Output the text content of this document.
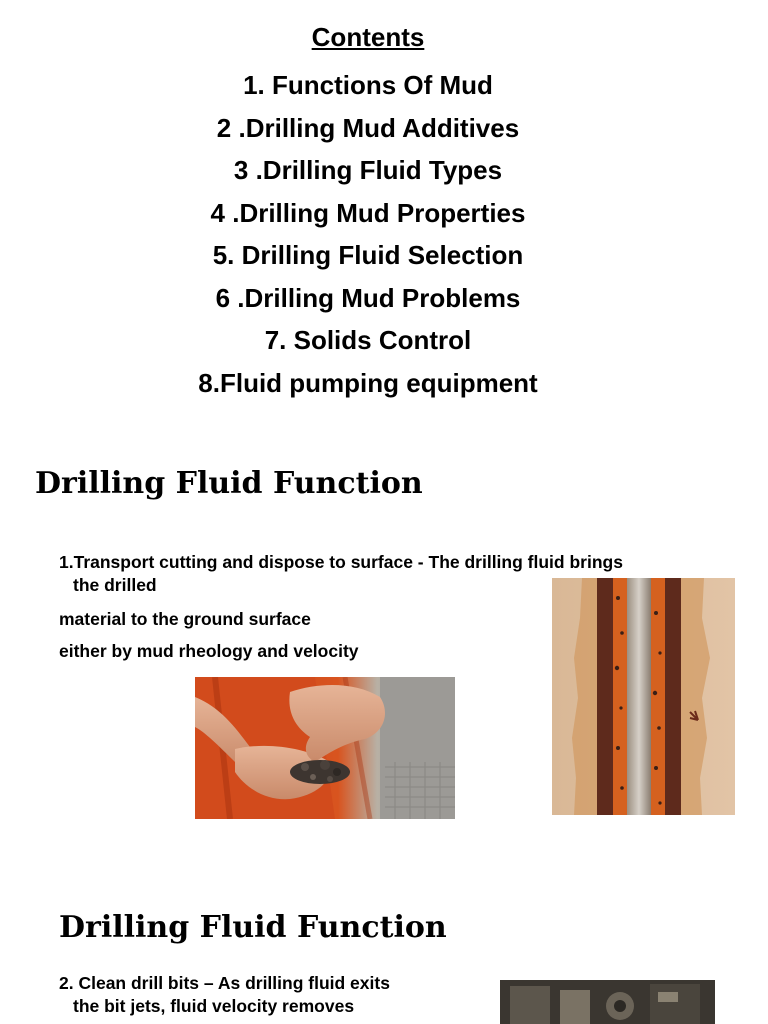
Contents
1. Functions Of Mud
2 .Drilling Mud Additives
3 .Drilling Fluid Types
4 .Drilling Mud Properties
5. Drilling Fluid Selection
6 .Drilling Mud Problems
7. Solids Control
8.Fluid pumping equipment
Drilling Fluid Function

1.Transport cutting and dispose to surface - The drilling fluid brings
the drilled

material to the ground surface

either by mud rheology and velocity

Drilling Fluid Function

2. Clean drill bits – As drilling fluid exits
the bit jets, fluid velocity removes
